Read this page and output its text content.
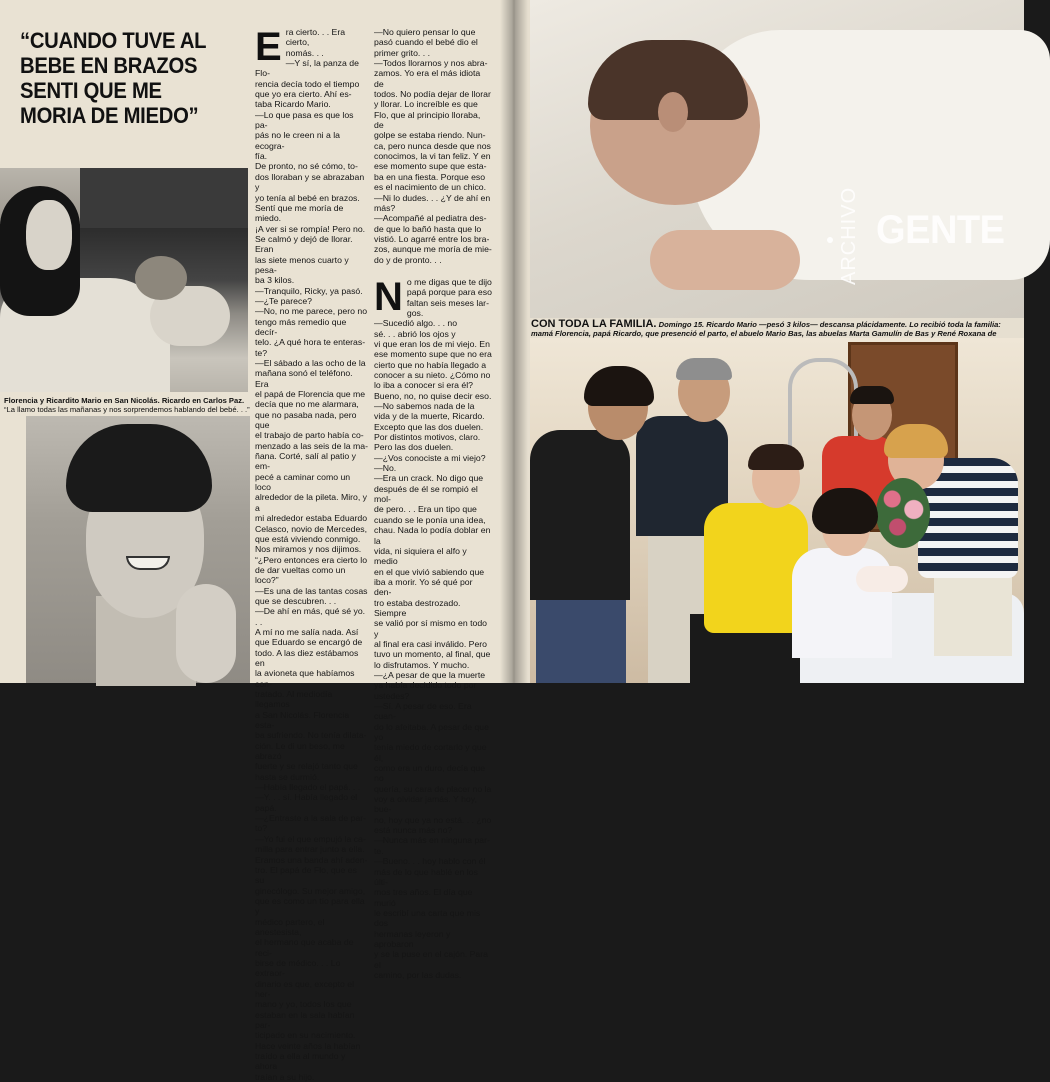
“CUANDO TUVE AL BEBE EN BRAZOS SENTI QUE ME MORIA DE MIEDO”

Florencia y Ricardito Mario en San Nicolás. Ricardo en Carlos Paz. “La llamo todas las mañanas y nos sorprendemos hablando del bebé. . .”

E ra cierto. . . Era cierto,

nomás. . .

—Y sí, la panza de Flo-

rencia decía todo el tiempo

que yo era cierto. Ahí es-

taba Ricardo Mario.

—Lo que pasa es que los pa-

pás no le creen ni a la ecogra-

fía.

De pronto, no sé cómo, to-

dos lloraban y se abrazaban y

yo tenía al bebé en brazos.

Sentí que me moría de miedo.

¡A ver si se rompía! Pero no.

Se calmó y dejó de llorar. Eran

las siete menos cuarto y pesa-

ba 3 kilos.

—Tranquilo, Ricky, ya pasó.

—¿Te parece?

—No, no me parece, pero no

tengo más remedio que decír-

telo. ¿A qué hora te enteras-

te?

—El sábado a las ocho de la

mañana sonó el teléfono. Era

el papá de Florencia que me

decía que no me alarmara,

que no pasaba nada, pero que

el trabajo de parto había co-

menzado a las seis de la ma-

ñana. Corté, salí al patio y em-

pecé a caminar como un loco

alrededor de la pileta. Miro, y a

mi alrededor estaba Eduardo

Celasco, novio de Mercedes,

que está viviendo conmigo.

Nos miramos y nos dijimos.

“¿Pero entonces era cierto lo

de dar vueltas como un

loco?”

—Es una de las tantas cosas

que se descubren. . .

—De ahí en más, qué sé yo. . .

A mí no me salía nada. Así

que Eduardo se encargó de

todo. A las diez estábamos en

la avioneta que habíamos con-

tratado. Al mediodía llegamos

a San Nicolás. Florencia esta-

ba sufriendo. No tenía dilata-

ción. Le di un beso, me abrazó

fuerte y se relajó tanto que

hasta se durmió.

—Había llegado el papá. . .

—Y. . . sí. Había llegado el

papá.

—¿Entraste a la sala de par-

to?

—Yo fui el que empujó la ca-

milla para entrar junto a ella.

Eramos una banda ahí aden-

tro. El papá de Flo, que es su

ginecólogo. Su mejor amigo,

que es como un tío para ella y

médico partero, el anestesista,

el hermano que acaba de reci-

birse de médico. . . Lo extraor-

dinario es que, excepto el her-

mano y yo, todos los que

estaban en la sala habían par-

ticipado en su nacimiento.

Hace veinte años la habían

traído a ella al mundo y ahora

traían a su hijo.

—No quiero pensar lo que

pasó cuando el bebé dio el

primer grito. . .

—Todos llorarnos y nos abra-

zamos. Yo era el más idiota de

todos. No podía dejar de llorar

y llorar. Lo increíble es que

Flo, que al principio lloraba, de

golpe se estaba riendo. Nun-

ca, pero nunca desde que nos

conocimos, la vi tan feliz. Y en

ese momento supe que esta-

ba en una fiesta. Porque eso

es el nacimiento de un chico.

—Ni lo dudes. . . ¿Y de ahí en

más?

—Acompañé al pediatra des-

de que lo bañó hasta que lo

vistió. Lo agarré entre los bra-

zos, aunque me moría de mie-

do y de pronto. . .

N o me digas que te dijo

papá porque para eso

faltan seis meses lar-

gos.

—Sucedió algo. . . no

sé. . . abrió los ojos y

vi que eran los de mi viejo. En

ese momento supe que no era

cierto que no había llegado a

conocer a su nieto. ¿Cómo no

lo iba a conocer si era él?

Bueno, no, no quise decir eso.

—No sabemos nada de la

vida y de la muerte, Ricardo.

Excepto que las dos duelen.

Por distintos motivos, claro.

Pero las dos duelen.

—¿Vos conociste a mi viejo?

—No.

—Era un crack. No digo que

después de él se rompió el mol-

de pero. . . Era un tipo que

cuando se le ponía una idea,

chau. Nada lo podía doblar en la

vida, ni siquiera el alfo y medio

en el que vivió sabiendo que

iba a morir. Yo sé qué por den-

tro estaba destrozado. Siempre

se valió por sí mismo en todo y

al final era casi inválido. Pero

tuvo un momento, al final, que

lo disfrutamos. Y mucho.

—¿A pesar de que la muerte

ya había decidido todo por

ustedes?

—Sí. A pesar de eso. Era cuan-

do lo afeitaba. A pesar de que yo

tenía miedo de cortarlo y que él,

como era un duro, decía que no

quería, su cara de placer no la

voy a olvidar jamás. Y hoy, bue-

no, hoy que ya no está. . . ¿no

está nunca más no?

—Nunca más en ninguna par-

te.

—Bueno. . . hoy hablo con él

más de lo que hablé en los últi-

mos tres años. El día que murió

le escribí una carta que mis dos

hermanas leyeron y aprobaron

y se la puse en el cajón. Para el

camino, por las dudas.

ARCHIVO GENTE

CON TODA LA FAMILIA. Domingo 15. Ricardo Mario —pesó 3 kilos— descansa plácidamente. Lo recibió toda la familia: mamá Florencia, papá Ricardo, que presenció el parto, el abuelo Mario Bas, las abuelas Marta Gamulín de Bas y René Roxana de
